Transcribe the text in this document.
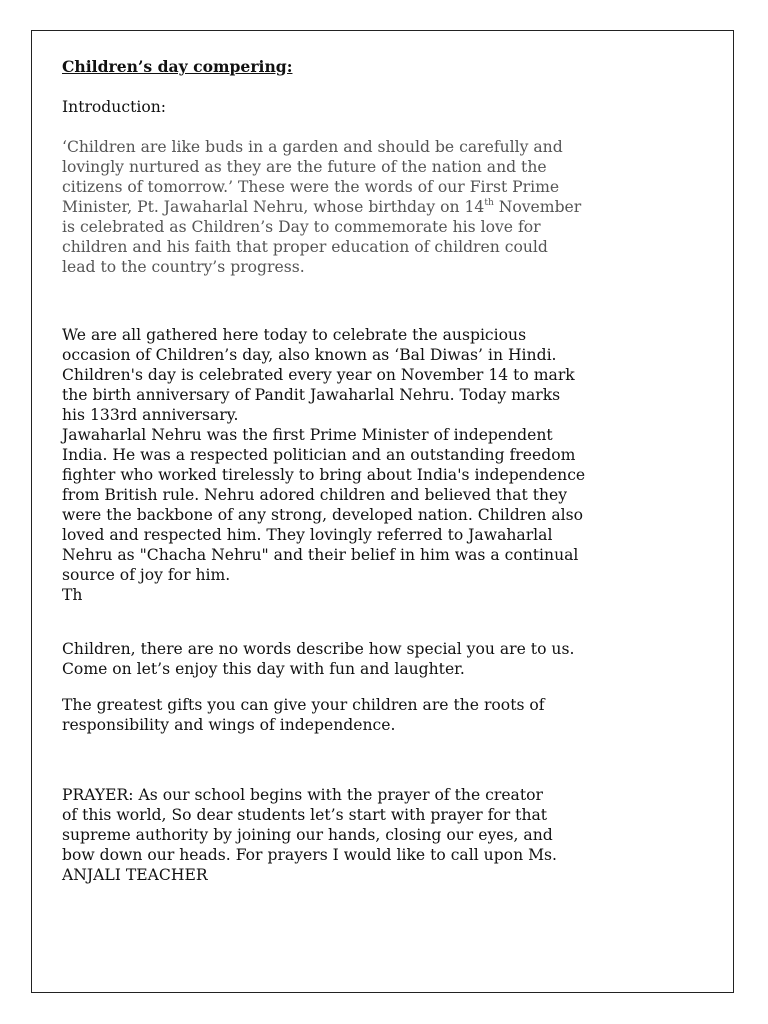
Children’s day compering:

Introduction:

‘Children are like buds in a garden and should be carefully and
lovingly nurtured as they are the future of the nation and the
citizens of tomorrow.’ These were the words of our First Prime
Minister, Pt. Jawaharlal Nehru, whose birthday on 14th November
is celebrated as Children’s Day to commemorate his love for
children and his faith that proper education of children could
lead to the country’s progress.

We are all gathered here today to celebrate the auspicious
occasion of Children’s day, also known as ‘Bal Diwas’ in Hindi.
Children's day is celebrated every year on November 14 to mark
the birth anniversary of Pandit Jawaharlal Nehru. Today marks
his 133rd anniversary.
Jawaharlal Nehru was the first Prime Minister of independent
India. He was a respected politician and an outstanding freedom
fighter who worked tirelessly to bring about India's independence
from British rule. Nehru adored children and believed that they
were the backbone of any strong, developed nation. Children also
loved and respected him. They lovingly referred to Jawaharlal
Nehru as "Chacha Nehru" and their belief in him was a continual
source of joy for him.
Th

Children, there are no words describe how special you are to us.
Come on let’s enjoy this day with fun and laughter.

The greatest gifts you can give your children are the roots of
responsibility and wings of independence.

PRAYER: As our school begins with the prayer of the creator
of this world, So dear students let’s start with prayer for that
supreme authority by joining our hands, closing our eyes, and
bow down our heads. For prayers I would like to call upon Ms.
ANJALI TEACHER
